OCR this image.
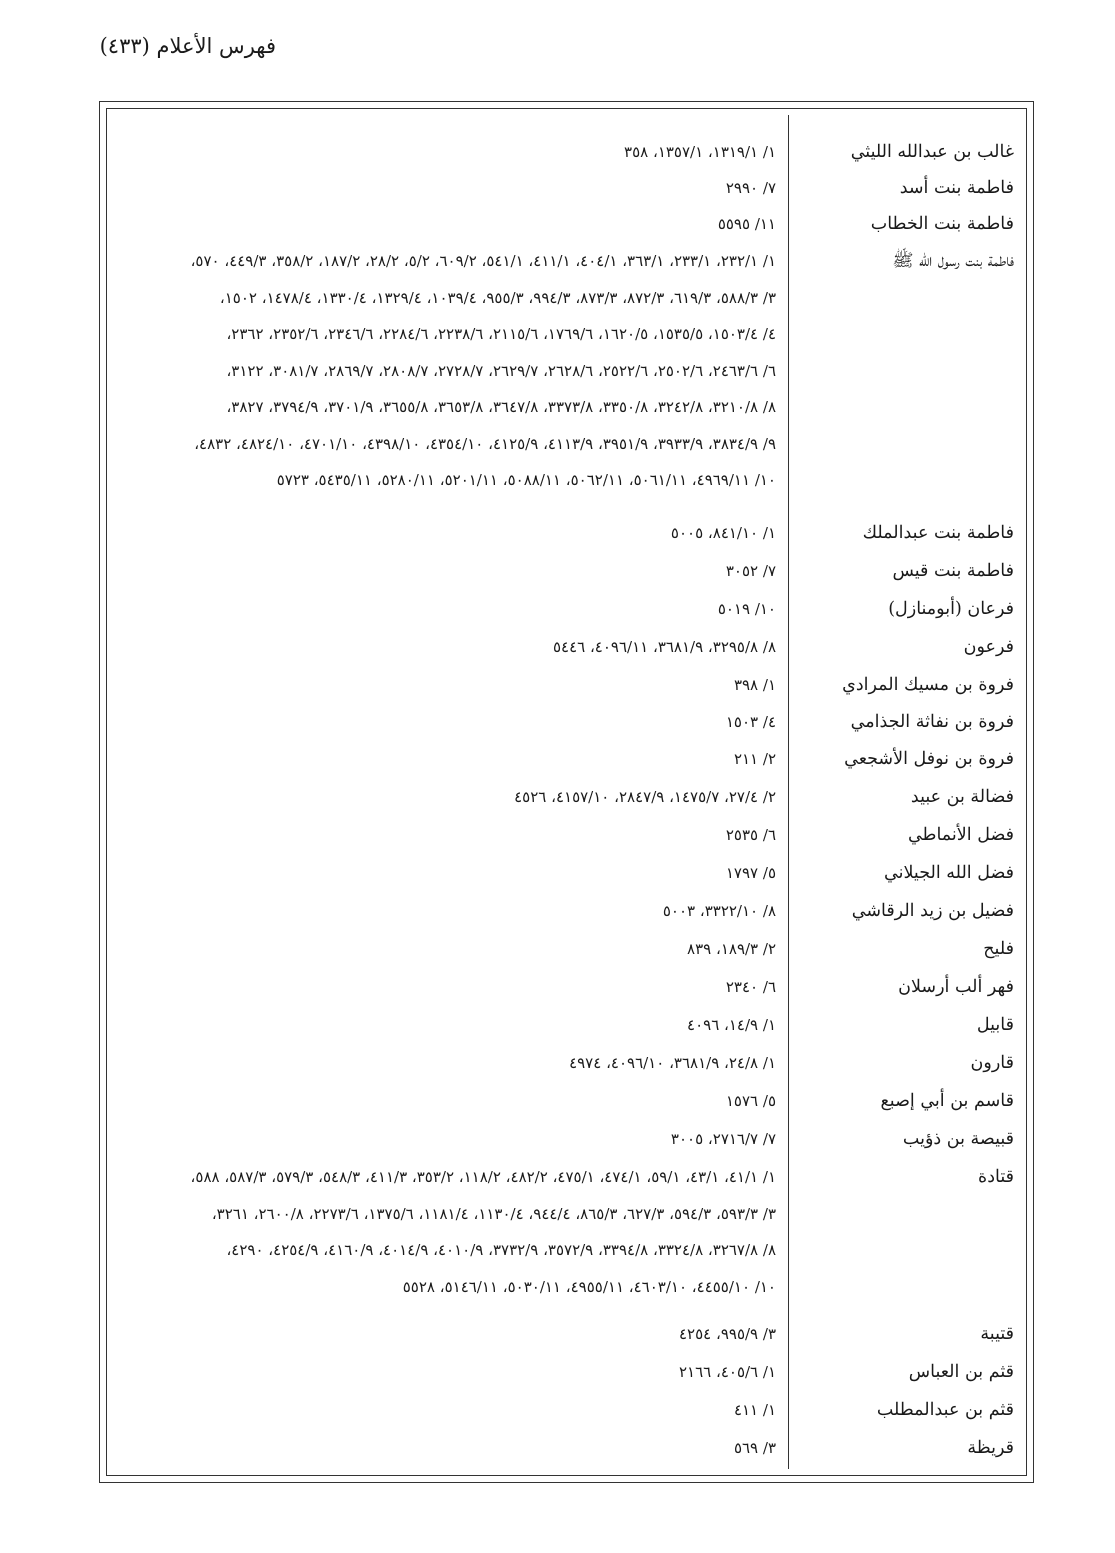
فهرس الأعلام (٤٣٣)
غالب بن عبدالله الليثي
١/ ١٣١٩/١، ١٣٥٧/١، ٣٥٨
فاطمة بنت أسد
٧/ ٢٩٩٠
فاطمة بنت الخطاب
١١/ ٥٥٩٥
فاطمة بنت رسول الله ﷺ
١/ ٢٣٢/١، ٢٣٣/١، ٣٦٣/١، ٤٠٤/١، ٤١١/١، ٥٤١/١، ٦٠٩/٢، ٥/٢، ٢٨/٢، ١٨٧/٢، ٣٥٨/٢، ٤٤٩/٣، ٥٧٠،
٣/ ٥٨٨/٣، ٦١٩/٣، ٨٧٢/٣، ٨٧٣/٣، ٩٩٤/٣، ٩٥٥/٣، ١٠٣٩/٤، ١٣٢٩/٤، ١٣٣٠/٤، ١٤٧٨/٤، ١٥٠٢،
٤/ ١٥٠٣/٤، ١٥٣٥/٥، ١٦٢٠/٥، ١٧٦٩/٦، ٢١١٥/٦، ٢٢٣٨/٦، ٢٢٨٤/٦، ٢٣٤٦/٦، ٢٣٥٢/٦، ٢٣٦٢،
٦/ ٢٤٦٣/٦، ٢٥٠٢/٦، ٢٥٢٢/٦، ٢٦٢٨/٦، ٢٦٢٩/٧، ٢٧٢٨/٧، ٢٨٠٨/٧، ٢٨٦٩/٧، ٣٠٨١/٧، ٣١٢٢،
٨/ ٣٢١٠/٨، ٣٢٤٢/٨، ٣٣٥٠/٨، ٣٣٧٣/٨، ٣٦٤٧/٨، ٣٦٥٣/٨، ٣٦٥٥/٨، ٣٧٠١/٩، ٣٧٩٤/٩، ٣٨٢٧،
٩/ ٣٨٣٤/٩، ٣٩٣٣/٩، ٣٩٥١/٩، ٤١١٣/٩، ٤١٢٥/٩، ٤٣٥٤/١٠، ٤٣٩٨/١٠، ٤٧٠١/١٠، ٤٨٢٤/١٠، ٤٨٣٢،
١٠/ ٤٩٦٩/١١، ٥٠٦١/١١، ٥٠٦٢/١١، ٥٠٨٨/١١، ٥٢٠١/١١، ٥٢٨٠/١١، ٥٤٣٥/١١، ٥٧٢٣
فاطمة بنت عبدالملك
١/ ٨٤١/١٠، ٥٠٠٥
فاطمة بنت قيس
٧/ ٣٠٥٢
فرعان (أبومنازل)
١٠/ ٥٠١٩
فرعون
٨/ ٣٢٩٥/٨، ٣٦٨١/٩، ٤٠٩٦/١١، ٥٤٤٦
فروة بن مسيك المرادي
١/ ٣٩٨
فروة بن نفاثة الجذامي
٤/ ١٥٠٣
فروة بن نوفل الأشجعي
٢/ ٢١١
فضالة بن عبيد
٢/ ٢٧/٤، ١٤٧٥/٧، ٢٨٤٧/٩، ٤١٥٧/١٠، ٤٥٢٦
فضل الأنماطي
٦/ ٢٥٣٥
فضل الله الجيلاني
٥/ ١٧٩٧
فضيل بن زيد الرقاشي
٨/ ٣٣٢٢/١٠، ٥٠٠٣
فليح
٢/ ١٨٩/٣، ٨٣٩
فهر ألب أرسلان
٦/ ٢٣٤٠
قابيل
١/ ١٤/٩، ٤٠٩٦
قارون
١/ ٢٤/٨، ٣٦٨١/٩، ٤٠٩٦/١٠، ٤٩٧٤
قاسم بن أبي إصبع
٥/ ١٥٧٦
قبيصة بن ذؤيب
٧/ ٢٧١٦/٧، ٣٠٠٥
قتادة
١/ ٤١/١، ٤٣/١، ٥٩/١، ٤٧٤/١، ٤٧٥/١، ٤٨٢/٢، ١١٨/٢، ٣٥٣/٢، ٤١١/٣، ٥٤٨/٣، ٥٧٩/٣، ٥٨٧/٣، ٥٨٨،
٣/ ٥٩٣/٣، ٥٩٤/٣، ٦٢٧/٣، ٨٦٥/٣، ٩٤٤/٤، ١١٣٠/٤، ١١٨١/٤، ١٣٧٥/٦، ٢٢٧٣/٦، ٢٦٠٠/٨، ٣٢٦١،
٨/ ٣٢٦٧/٨، ٣٣٢٤/٨، ٣٣٩٤/٨، ٣٥٧٢/٩، ٣٧٣٢/٩، ٤٠١٠/٩، ٤٠١٤/٩، ٤١٦٠/٩، ٤٢٥٤/٩، ٤٢٩٠،
١٠/ ٤٤٥٥/١٠، ٤٦٠٣/١٠، ٤٩٥٥/١١، ٥٠٣٠/١١، ٥١٤٦/١١، ٥٥٢٨
قتيبة
٣/ ٩٩٥/٩، ٤٢٥٤
قثم بن العباس
١/ ٤٠٥/٦، ٢١٦٦
قثم بن عبدالمطلب
١/ ٤١١
قريظة
٣/ ٥٦٩
